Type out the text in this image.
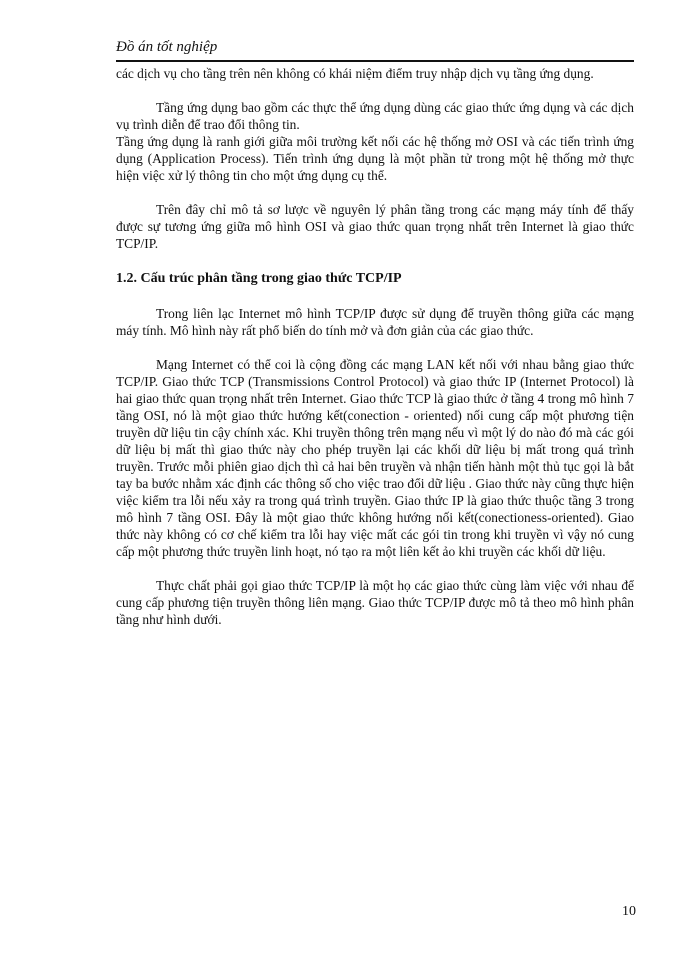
Đồ án tốt nghiệp

các dịch vụ cho tầng trên nên không có khái niệm điểm truy nhập dịch vụ tầng ứng dụng.

Tầng ứng dụng bao gồm các thực thể ứng dụng dùng các giao thức ứng dụng và các dịch vụ trình diễn để trao đổi thông tin.

Tầng ứng dụng là ranh giới giữa môi trường kết nối các hệ thống mở OSI và các tiến trình ứng dụng (Application Process). Tiến trình ứng dụng là một phần tử trong một hệ thống mở thực hiện việc xử lý thông tin cho một ứng dụng cụ thể.

Trên đây chỉ mô tả sơ lược về nguyên lý phân tầng trong các mạng máy tính để thấy được sự tương ứng giữa mô hình OSI và giao thức quan trọng nhất trên Internet là giao thức TCP/IP.

1.2. Cấu trúc phân tầng trong giao thức TCP/IP

Trong liên lạc Internet mô hình TCP/IP được sử dụng để truyền thông giữa các mạng máy tính. Mô hình này rất phổ biến do tính mở và đơn giản của các giao thức.

Mạng Internet có thể coi là cộng đồng các mạng LAN kết nối với nhau bằng giao thức TCP/IP. Giao thức TCP (Transmissions Control Protocol) và giao thức IP (Internet Protocol) là hai giao thức quan trọng nhất trên Internet. Giao thức TCP là giao thức ở tầng 4 trong mô hình 7 tầng OSI, nó là một giao thức hướng kết(conection - oriented) nối cung cấp một phương tiện truyền dữ liệu tin cậy chính xác. Khi truyền thông trên mạng nếu vì một lý do nào đó mà các gói dữ liệu bị mất thì giao thức này cho phép truyền lại các khối dữ liệu bị mất trong quá trình truyền. Trước mỗi phiên giao dịch thì cả hai bên truyền và nhận tiến hành một thủ tục gọi là bắt tay ba bước nhằm xác định các thông số cho việc trao đổi dữ liệu . Giao thức này cũng thực hiện việc kiểm tra lỗi nếu xảy ra trong quá trình truyền. Giao thức IP là giao thức thuộc tầng 3 trong mô hình 7 tầng OSI. Đây là một giao thức không hướng nối kết(conectioness-oriented). Giao thức này không có cơ chế kiểm tra lỗi hay việc mất các gói tin trong khi truyền vì vậy nó cung cấp một phương thức truyền linh hoạt, nó tạo ra một liên kết ảo khi truyền các khối dữ liệu.

Thực chất phải gọi giao thức TCP/IP là một họ các giao thức cùng làm việc với nhau để cung cấp phương tiện truyền thông liên mạng. Giao thức TCP/IP được mô tả theo mô hình phân tầng như hình dưới.

10
